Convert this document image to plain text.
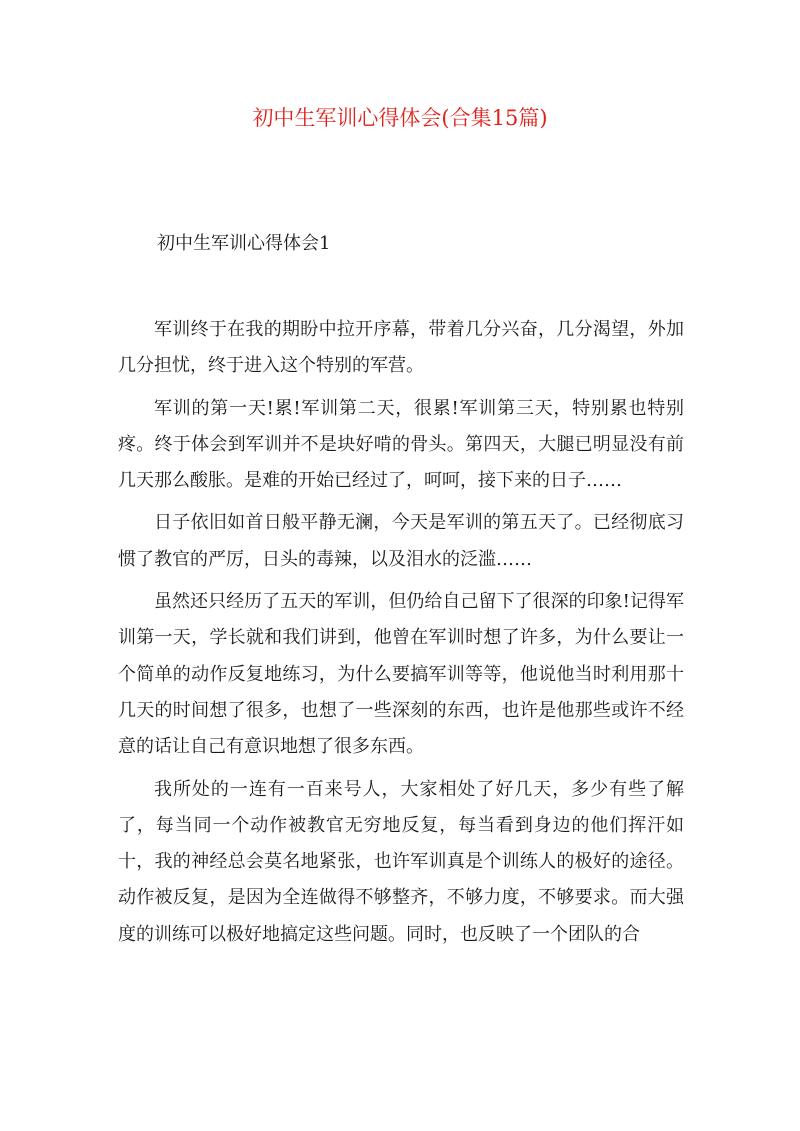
初中生军训心得体会(合集15篇)
初中生军训心得体会1

军训终于在我的期盼中拉开序幕，带着几分兴奋，几分渴望，外加几分担忧，终于进入这个特别的军营。

军训的第一天!累!军训第二天，很累!军训第三天，特别累也特别疼。终于体会到军训并不是块好啃的骨头。第四天，大腿已明显没有前几天那么酸胀。是难的开始已经过了，呵呵，接下来的日子……

日子依旧如首日般平静无澜，今天是军训的第五天了。已经彻底习惯了教官的严厉，日头的毒辣，以及泪水的泛滥……

虽然还只经历了五天的军训，但仍给自己留下了很深的印象!记得军训第一天，学长就和我们讲到，他曾在军训时想了许多，为什么要让一个简单的动作反复地练习，为什么要搞军训等等，他说他当时利用那十几天的时间想了很多，也想了一些深刻的东西，也许是他那些或许不经意的话让自己有意识地想了很多东西。

我所处的一连有一百来号人，大家相处了好几天，多少有些了解了，每当同一个动作被教官无穷地反复，每当看到身边的他们挥汗如十，我的神经总会莫名地紧张，也许军训真是个训练人的极好的途径。动作被反复，是因为全连做得不够整齐，不够力度，不够要求。而大强度的训练可以极好地搞定这些问题。同时，也反映了一个团队的合
